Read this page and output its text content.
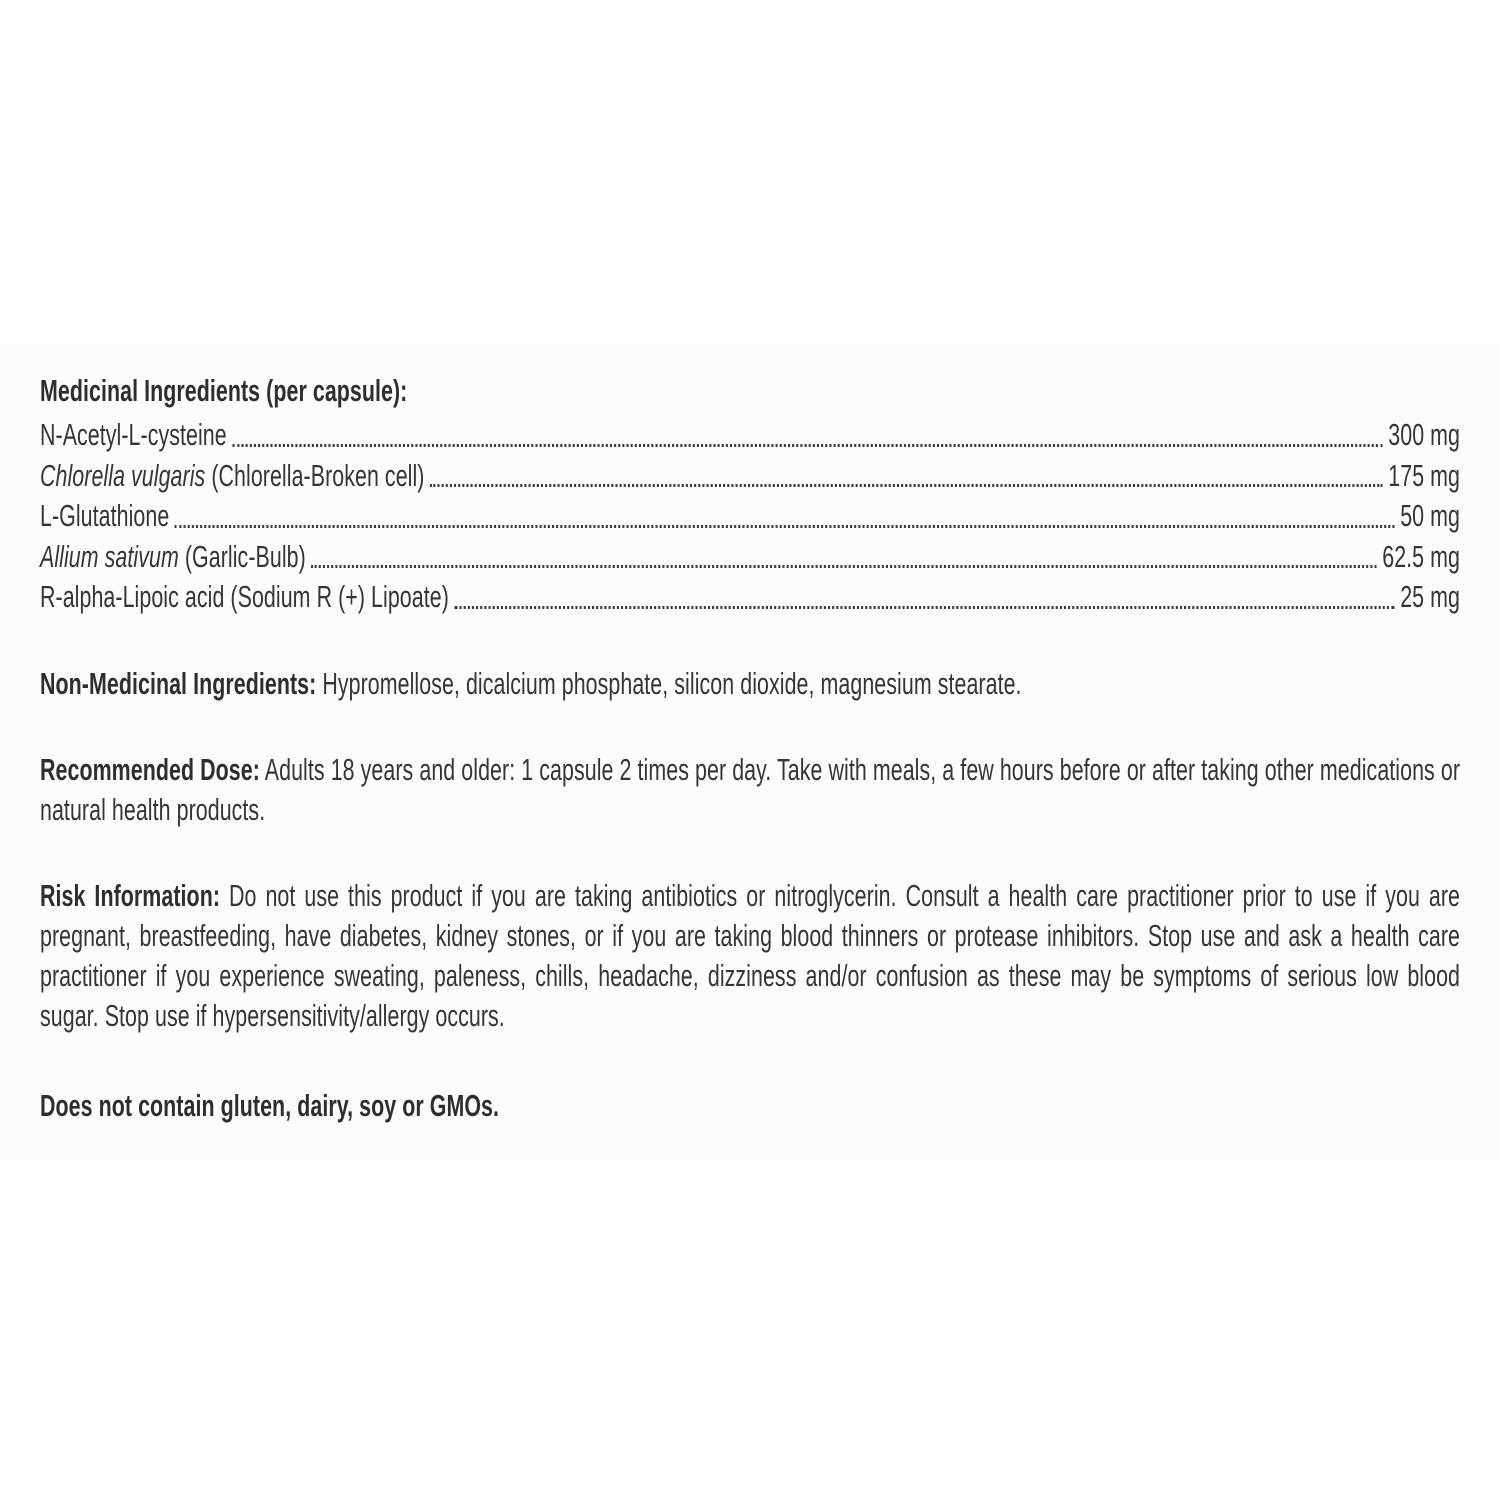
Medicinal Ingredients (per capsule):
N-Acetyl-L-cysteine	300 mg
Chlorella vulgaris (Chlorella-Broken cell)	175 mg
L-Glutathione	50 mg
Allium sativum (Garlic-Bulb)	62.5 mg
R-alpha-Lipoic acid (Sodium R (+) Lipoate)	25 mg

Non-Medicinal Ingredients: Hypromellose, dicalcium phosphate, silicon dioxide, magnesium stearate.

Recommended Dose: Adults 18 years and older: 1 capsule 2 times per day. Take with meals, a few hours before or after taking other medications or natural health products.

Risk Information: Do not use this product if you are taking antibiotics or nitroglycerin. Consult a health care practitioner prior to use if you are pregnant, breastfeeding, have diabetes, kidney stones, or if you are taking blood thinners or protease inhibitors. Stop use and ask a health care practitioner if you experience sweating, paleness, chills, headache, dizziness and/or confusion as these may be symptoms of serious low blood sugar. Stop use if hypersensitivity/allergy occurs.

Does not contain gluten, dairy, soy or GMOs.
